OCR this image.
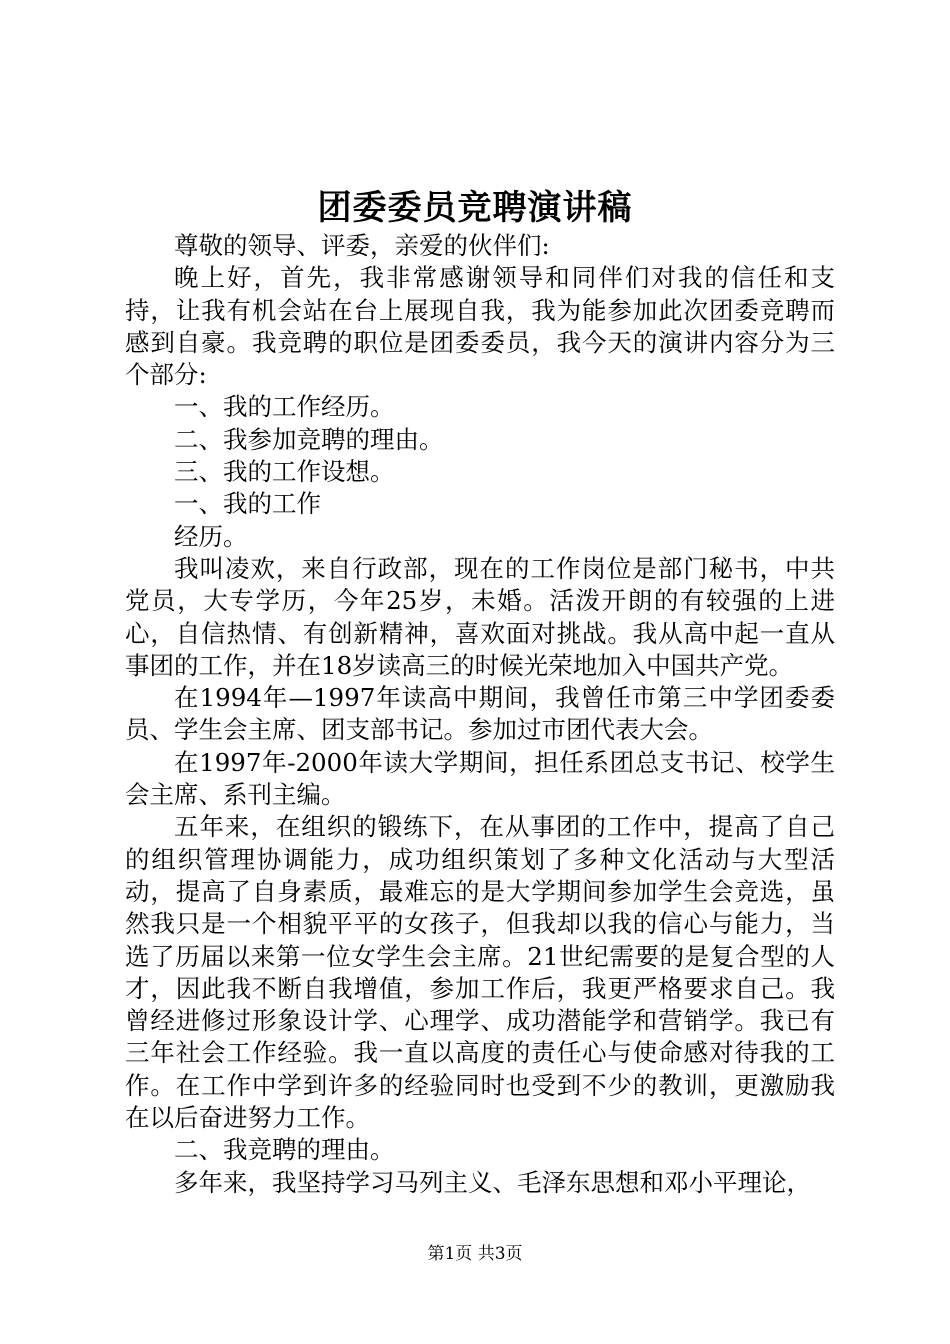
团委委员竞聘演讲稿

尊敬的领导、评委，亲爱的伙伴们:

晚上好，首先，我非常感谢领导和同伴们对我的信任和支持，让我有机会站在台上展现自我，我为能参加此次团委竞聘而感到自豪。我竞聘的职位是团委委员，我今天的演讲内容分为三个部分:

一、我的工作经历。

二、我参加竞聘的理由。

三、我的工作设想。

一、我的工作

经历。

我叫凌欢，来自行政部，现在的工作岗位是部门秘书，中共党员，大专学历，今年25岁，未婚。活泼开朗的有较强的上进心，自信热情、有创新精神，喜欢面对挑战。我从高中起一直从事团的工作，并在18岁读高三的时候光荣地加入中国共产党。

在1994年—1997年读高中期间，我曾任市第三中学团委委员、学生会主席、团支部书记。参加过市团代表大会。

在1997年-2000年读大学期间，担任系团总支书记、校学生会主席、系刊主编。

五年来，在组织的锻练下，在从事团的工作中，提高了自己的组织管理协调能力，成功组织策划了多种文化活动与大型活动，提高了自身素质，最难忘的是大学期间参加学生会竞选，虽然我只是一个相貌平平的女孩子，但我却以我的信心与能力，当选了历届以来第一位女学生会主席。21世纪需要的是复合型的人才，因此我不断自我增值，参加工作后，我更严格要求自己。我曾经进修过形象设计学、心理学、成功潜能学和营销学。我已有三年社会工作经验。我一直以高度的责任心与使命感对待我的工作。在工作中学到许多的经验同时也受到不少的教训，更激励我在以后奋进努力工作。

二、我竞聘的理由。

多年来，我坚持学习马列主义、毛泽东思想和邓小平理论，

第1页 共3页
